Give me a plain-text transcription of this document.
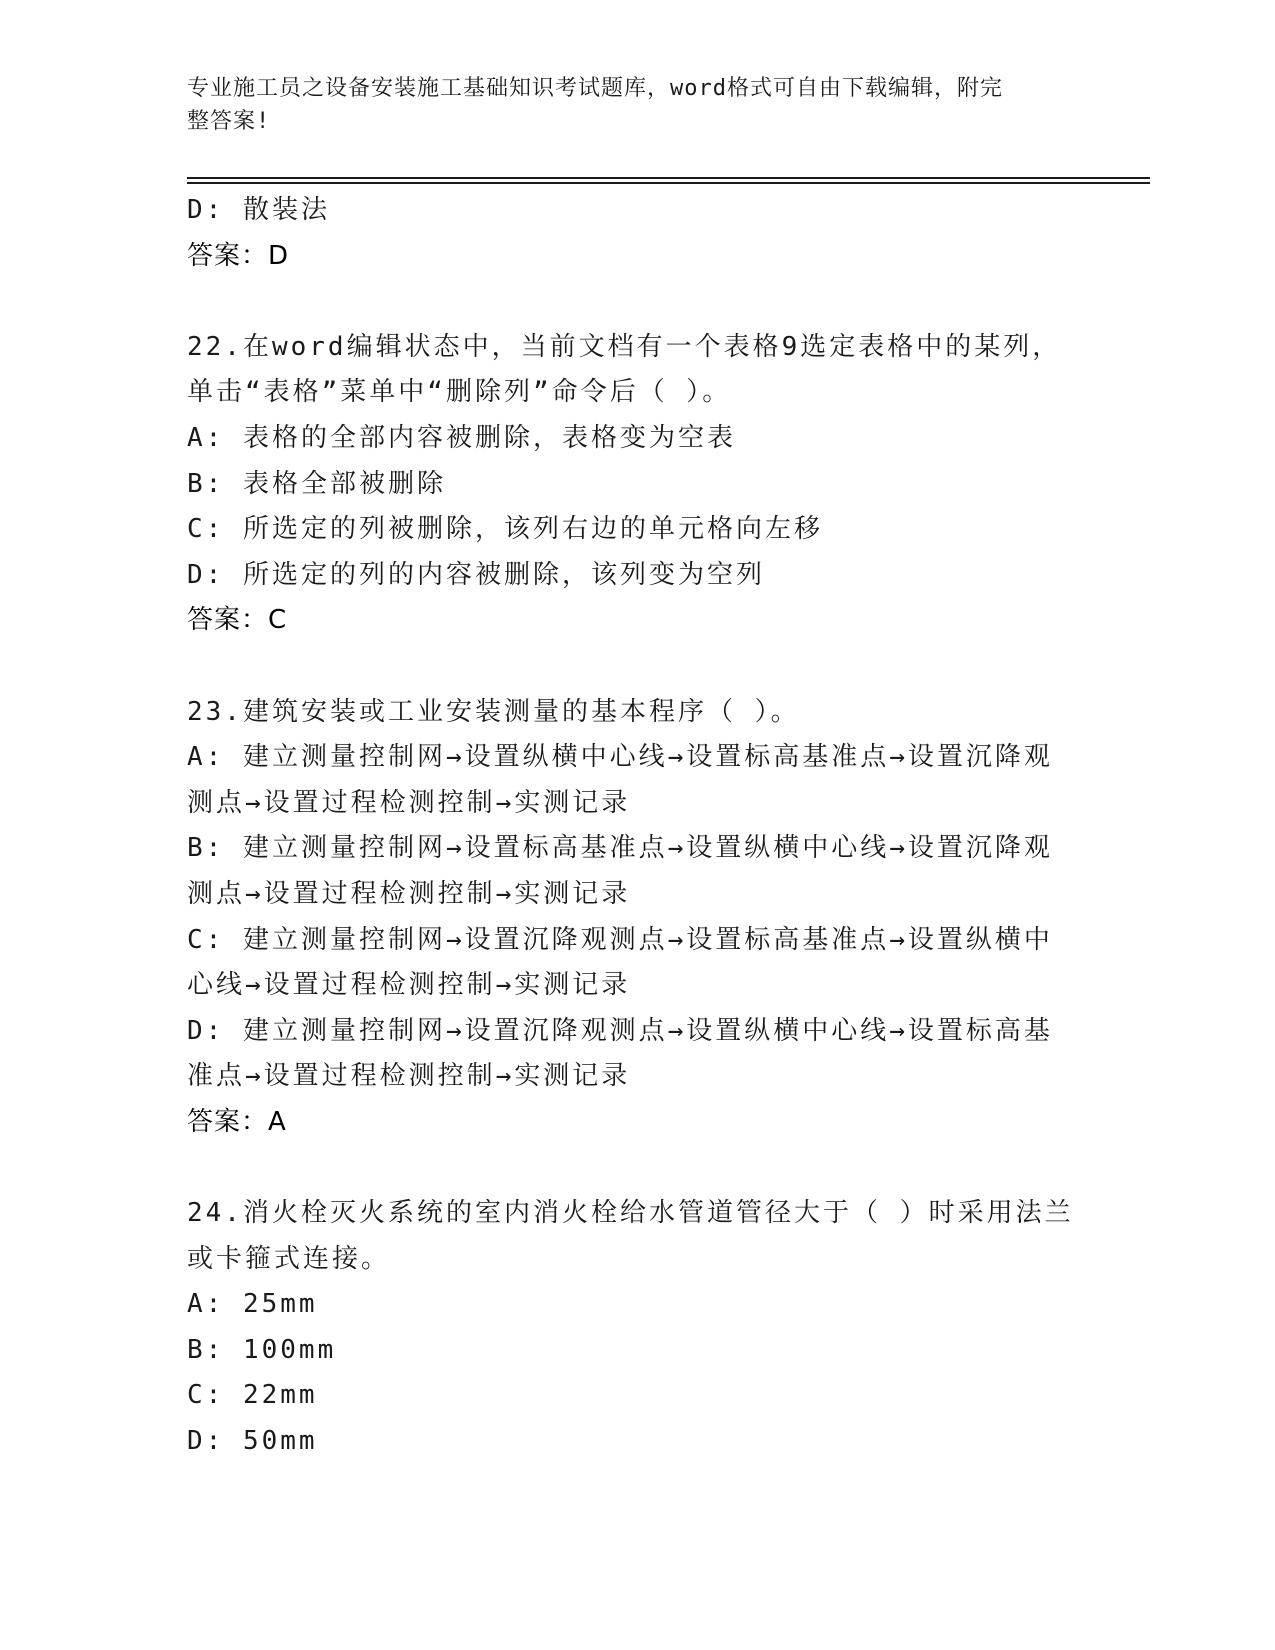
专业施工员之设备安装施工基础知识考试题库，word格式可自由下载编辑，附完
整答案!
D: 散装法
答案：D
22.在word编辑状态中，当前文档有一个表格9选定表格中的某列，
单击“表格”菜单中“删除列”命令后（ ）。
A: 表格的全部内容被删除，表格变为空表
B: 表格全部被删除
C: 所选定的列被删除，该列右边的单元格向左移
D: 所选定的列的内容被删除，该列变为空列
答案：C
23.建筑安装或工业安装测量的基本程序（ ）。
A: 建立测量控制网→设置纵横中心线→设置标高基准点→设置沉降观
测点→设置过程检测控制→实测记录
B: 建立测量控制网→设置标高基准点→设置纵横中心线→设置沉降观
测点→设置过程检测控制→实测记录
C: 建立测量控制网→设置沉降观测点→设置标高基准点→设置纵横中
心线→设置过程检测控制→实测记录
D: 建立测量控制网→设置沉降观测点→设置纵横中心线→设置标高基
准点→设置过程检测控制→实测记录
答案：A
24.消火栓灭火系统的室内消火栓给水管道管径大于（ ）时采用法兰
或卡箍式连接。
A: 25mm
B: 100mm
C: 22mm
D: 50mm
